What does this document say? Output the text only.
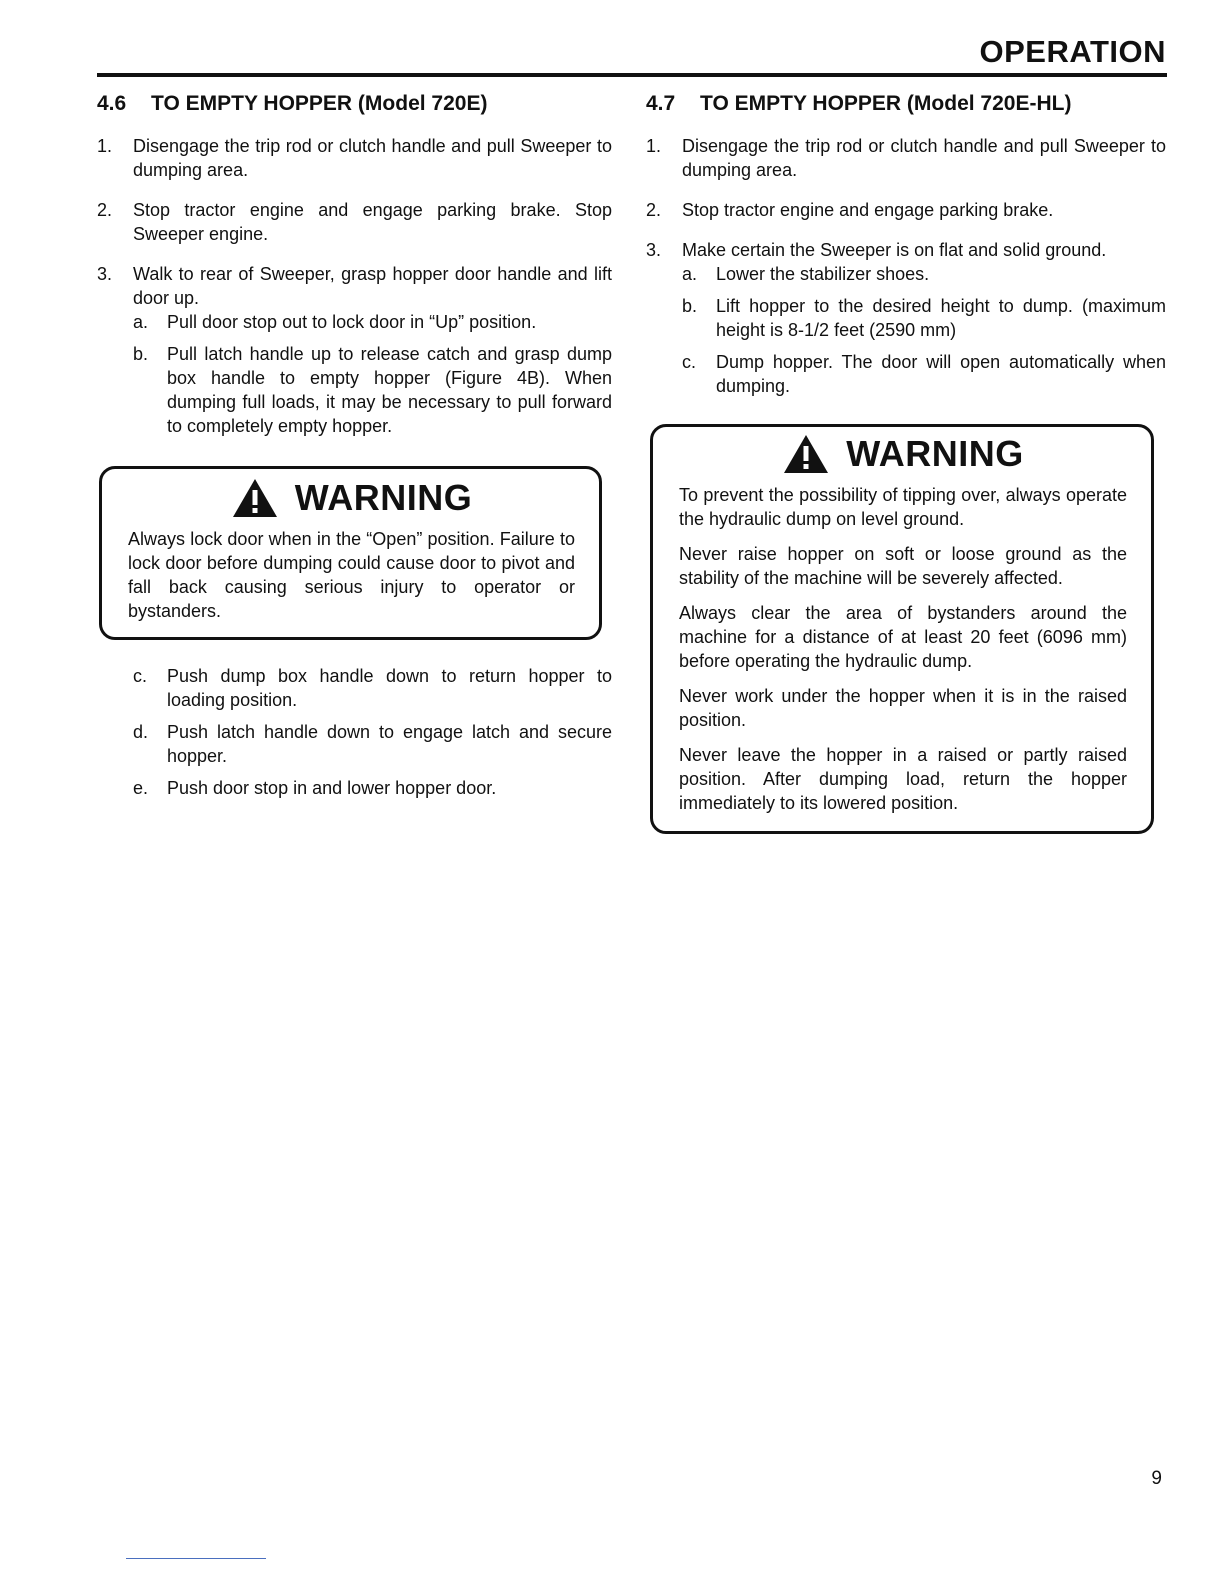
OPERATION
4.6 TO EMPTY HOPPER (Model 720E)
1. Disengage the trip rod or clutch handle and pull Sweeper to dumping area.
2. Stop tractor engine and engage parking brake. Stop Sweeper engine.
3. Walk to rear of Sweeper, grasp hopper door handle and lift door up.
a. Pull door stop out to lock door in “Up” position.
b. Pull latch handle up to release catch and grasp dump box handle to empty hopper (Figure 4B). When dumping full loads, it may be necessary to pull forward to completely empty hopper.
WARNING

Always lock door when in the “Open” position. Failure to lock door before dumping could cause door to pivot and fall back causing serious injury to operator or bystanders.

c. Push dump box handle down to return hopper to loading position.
d. Push latch handle down to engage latch and secure hopper.
e. Push door stop in and lower hopper door.
4.7 TO EMPTY HOPPER (Model 720E-HL)
1. Disengage the trip rod or clutch handle and pull Sweeper to dumping area.
2. Stop tractor engine and engage parking brake.
3. Make certain the Sweeper is on flat and solid ground.
a. Lower the stabilizer shoes.
b. Lift hopper to the desired height to dump. (maximum height is 8-1/2 feet (2590 mm)
c. Dump hopper. The door will open automatically when dumping.
WARNING

To prevent the possibility of tipping over, always operate the hydraulic dump on level ground.

Never raise hopper on soft or loose ground as the stability of the machine will be severely affected.

Always clear the area of bystanders around the machine for a distance of at least 20 feet (6096 mm) before operating the hydraulic dump.

Never work under the hopper when it is in the raised position.

Never leave the hopper in a raised or partly raised position. After dumping load, return the hopper immediately to its lowered position.

9
